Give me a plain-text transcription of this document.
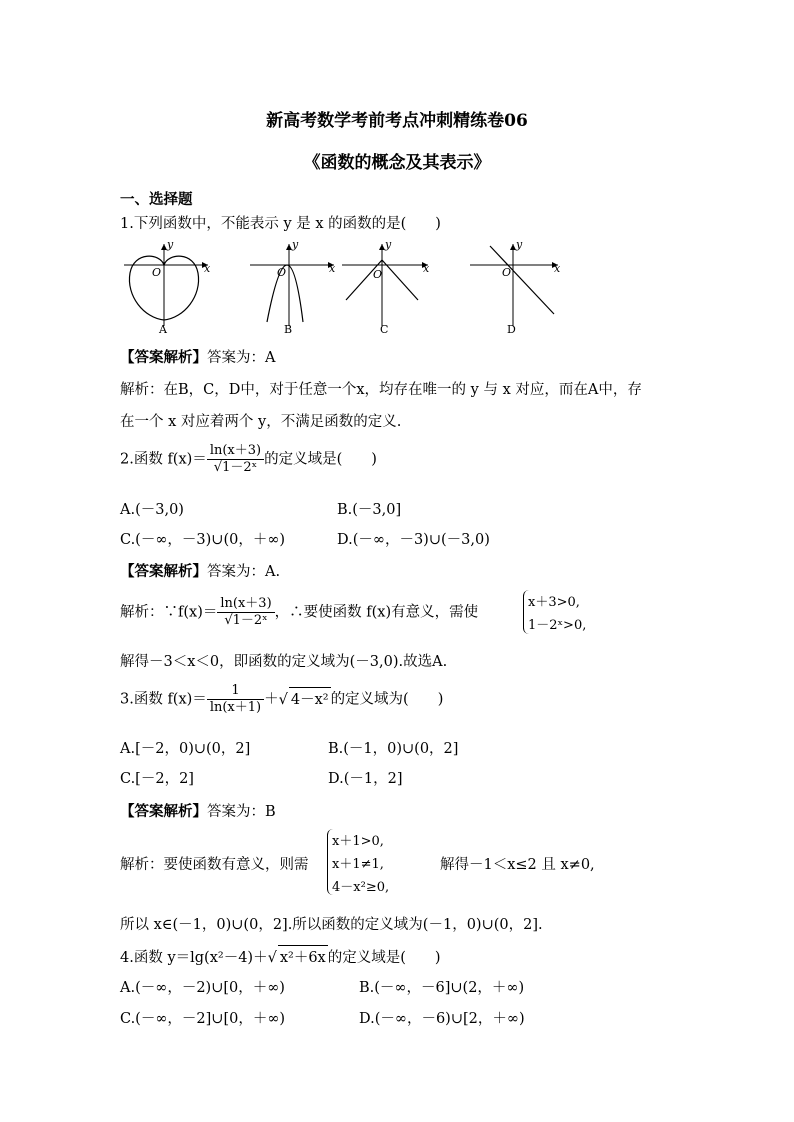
新高考数学考前考点冲刺精练卷06
《函数的概念及其表示》
一、选择题
1.下列函数中，不能表示 y 是 x 的函数的是(　　)
y
x
O
A
y
x
O
B
y
x
O
C
y
x
O
D
【答案解析】答案为：A
解析：在B，C，D中，对于任意一个x，均存在唯一的 y 与 x 对应，而在A中，存
在一个 x 对应着两个 y，不满足函数的定义.
2.函数 $f(x)= \frac{\ln(x+3)}{\text{√1－2ˣ}}$ 的定义域是(　　)
A.(－3,0)	B.(－3,0]
C.(－∞，－3)∪(0，＋∞)	D.(－∞，－3)∪(－3,0)
【答案解析】答案为：A.
解析：∵f(x)＝ $\frac{\ln(x+3)}{\text{√1－2ˣ}}$ ，∴要使函数 f(x)有意义，需使
x＋3>0,
1－2ˣ>0,
解得－3＜x＜0，即函数的定义域为(－3,0).故选A.
3.函数 $f(x)= \frac{1}{\ln(x+1)}$ ＋√ 4－x² 的定义域为(　　)
A.[－2，0)∪(0，2]	B.(－1，0)∪(0，2]
C.[－2，2]	D.(－1，2]
【答案解析】答案为：B
解析：要使函数有意义，则需
x＋1>0,
x＋1≠1,
4－x²≥0,
解得－1＜x≤2 且 x≠0,
所以 x∈(－1，0)∪(0，2].所以函数的定义域为(－1，0)∪(0，2].
4.函数 y＝lg(x²－4)＋√ x²＋6x 的定义域是(　　)
A.(－∞，－2)∪[0，＋∞)	B.(－∞，－6]∪(2，＋∞)
C.(－∞，－2]∪[0，＋∞)	D.(－∞，－6)∪[2，＋∞)
